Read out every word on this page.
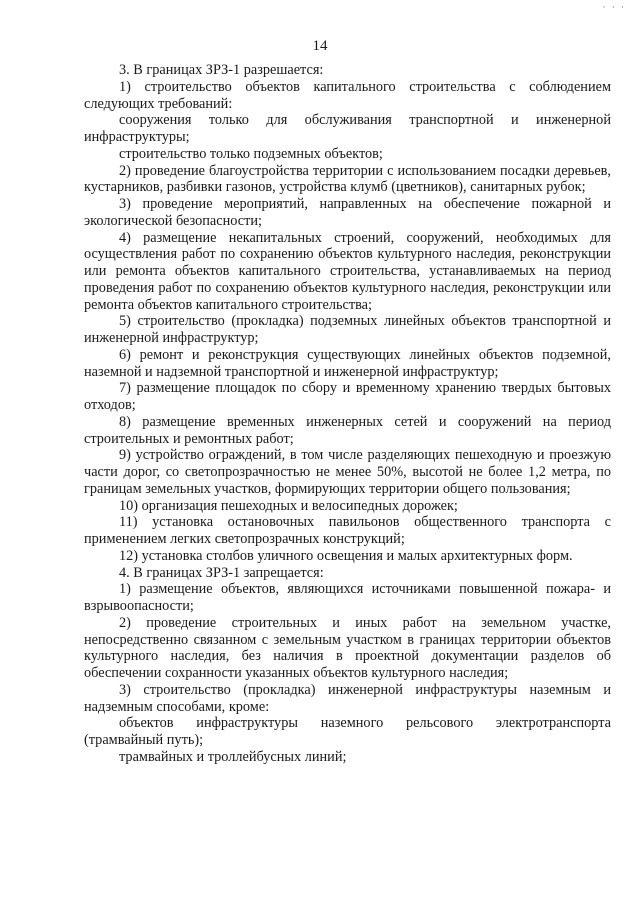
· · ·
14

3. В границах ЗРЗ-1 разрешается:

1) строительство объектов капитального строительства с соблюдением следующих требований:

сооружения только для обслуживания транспортной и инженерной инфраструктуры;

строительство только подземных объектов;

2) проведение благоустройства территории с использованием посадки деревьев, кустарников, разбивки газонов, устройства клумб (цветников), санитарных рубок;

3) проведение мероприятий, направленных на обеспечение пожарной и экологической безопасности;

4) размещение некапитальных строений, сооружений, необходимых для осуществления работ по сохранению объектов культурного наследия, реконструкции или ремонта объектов капитального строительства, устанавливаемых на период проведения работ по сохранению объектов культурного наследия, реконструкции или ремонта объектов капитального строительства;

5) строительство (прокладка) подземных линейных объектов транспортной и инженерной инфраструктур;

6) ремонт и реконструкция существующих линейных объектов подземной, наземной и надземной транспортной и инженерной инфраструктур;

7) размещение площадок по сбору и временному хранению твердых бытовых отходов;

8) размещение временных инженерных сетей и сооружений на период строительных и ремонтных работ;

9) устройство ограждений, в том числе разделяющих пешеходную и проезжую части дорог, со светопрозрачностью не менее 50%, высотой не более 1,2 метра, по границам земельных участков, формирующих территории общего пользования;

10) организация пешеходных и велосипедных дорожек;

11) установка остановочных павильонов общественного транспорта с применением легких светопрозрачных конструкций;

12) установка столбов уличного освещения и малых архитектурных форм.

4. В границах ЗРЗ-1 запрещается:

1) размещение объектов, являющихся источниками повышенной пожара- и взрывоопасности;

2) проведение строительных и иных работ на земельном участке, непосредственно связанном с земельным участком в границах территории объектов культурного наследия, без наличия в проектной документации разделов об обеспечении сохранности указанных объектов культурного наследия;

3) строительство (прокладка) инженерной инфраструктуры наземным и надземным способами, кроме:

объектов инфраструктуры наземного рельсового электротранспорта (трамвайный путь);

трамвайных и троллейбусных линий;
